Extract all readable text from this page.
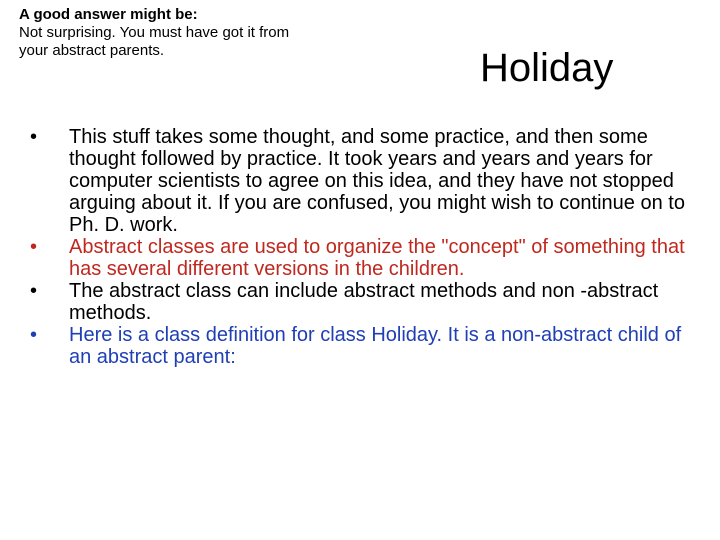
A good answer might be:
Not surprising. You must have got it from your abstract parents.	Holiday
• This stuff takes some thought, and some practice, and then some thought followed by practice. It took years and years and years for computer scientists to agree on this idea, and they have not stopped arguing about it. If you are confused, you might wish to continue on to Ph. D. work.
• Abstract classes are used to organize the "concept" of something that has several different versions in the children.
• The abstract class can include abstract methods and non -abstract methods.
• Here is a class definition for class Holiday. It is a non-abstract child of an abstract parent:
